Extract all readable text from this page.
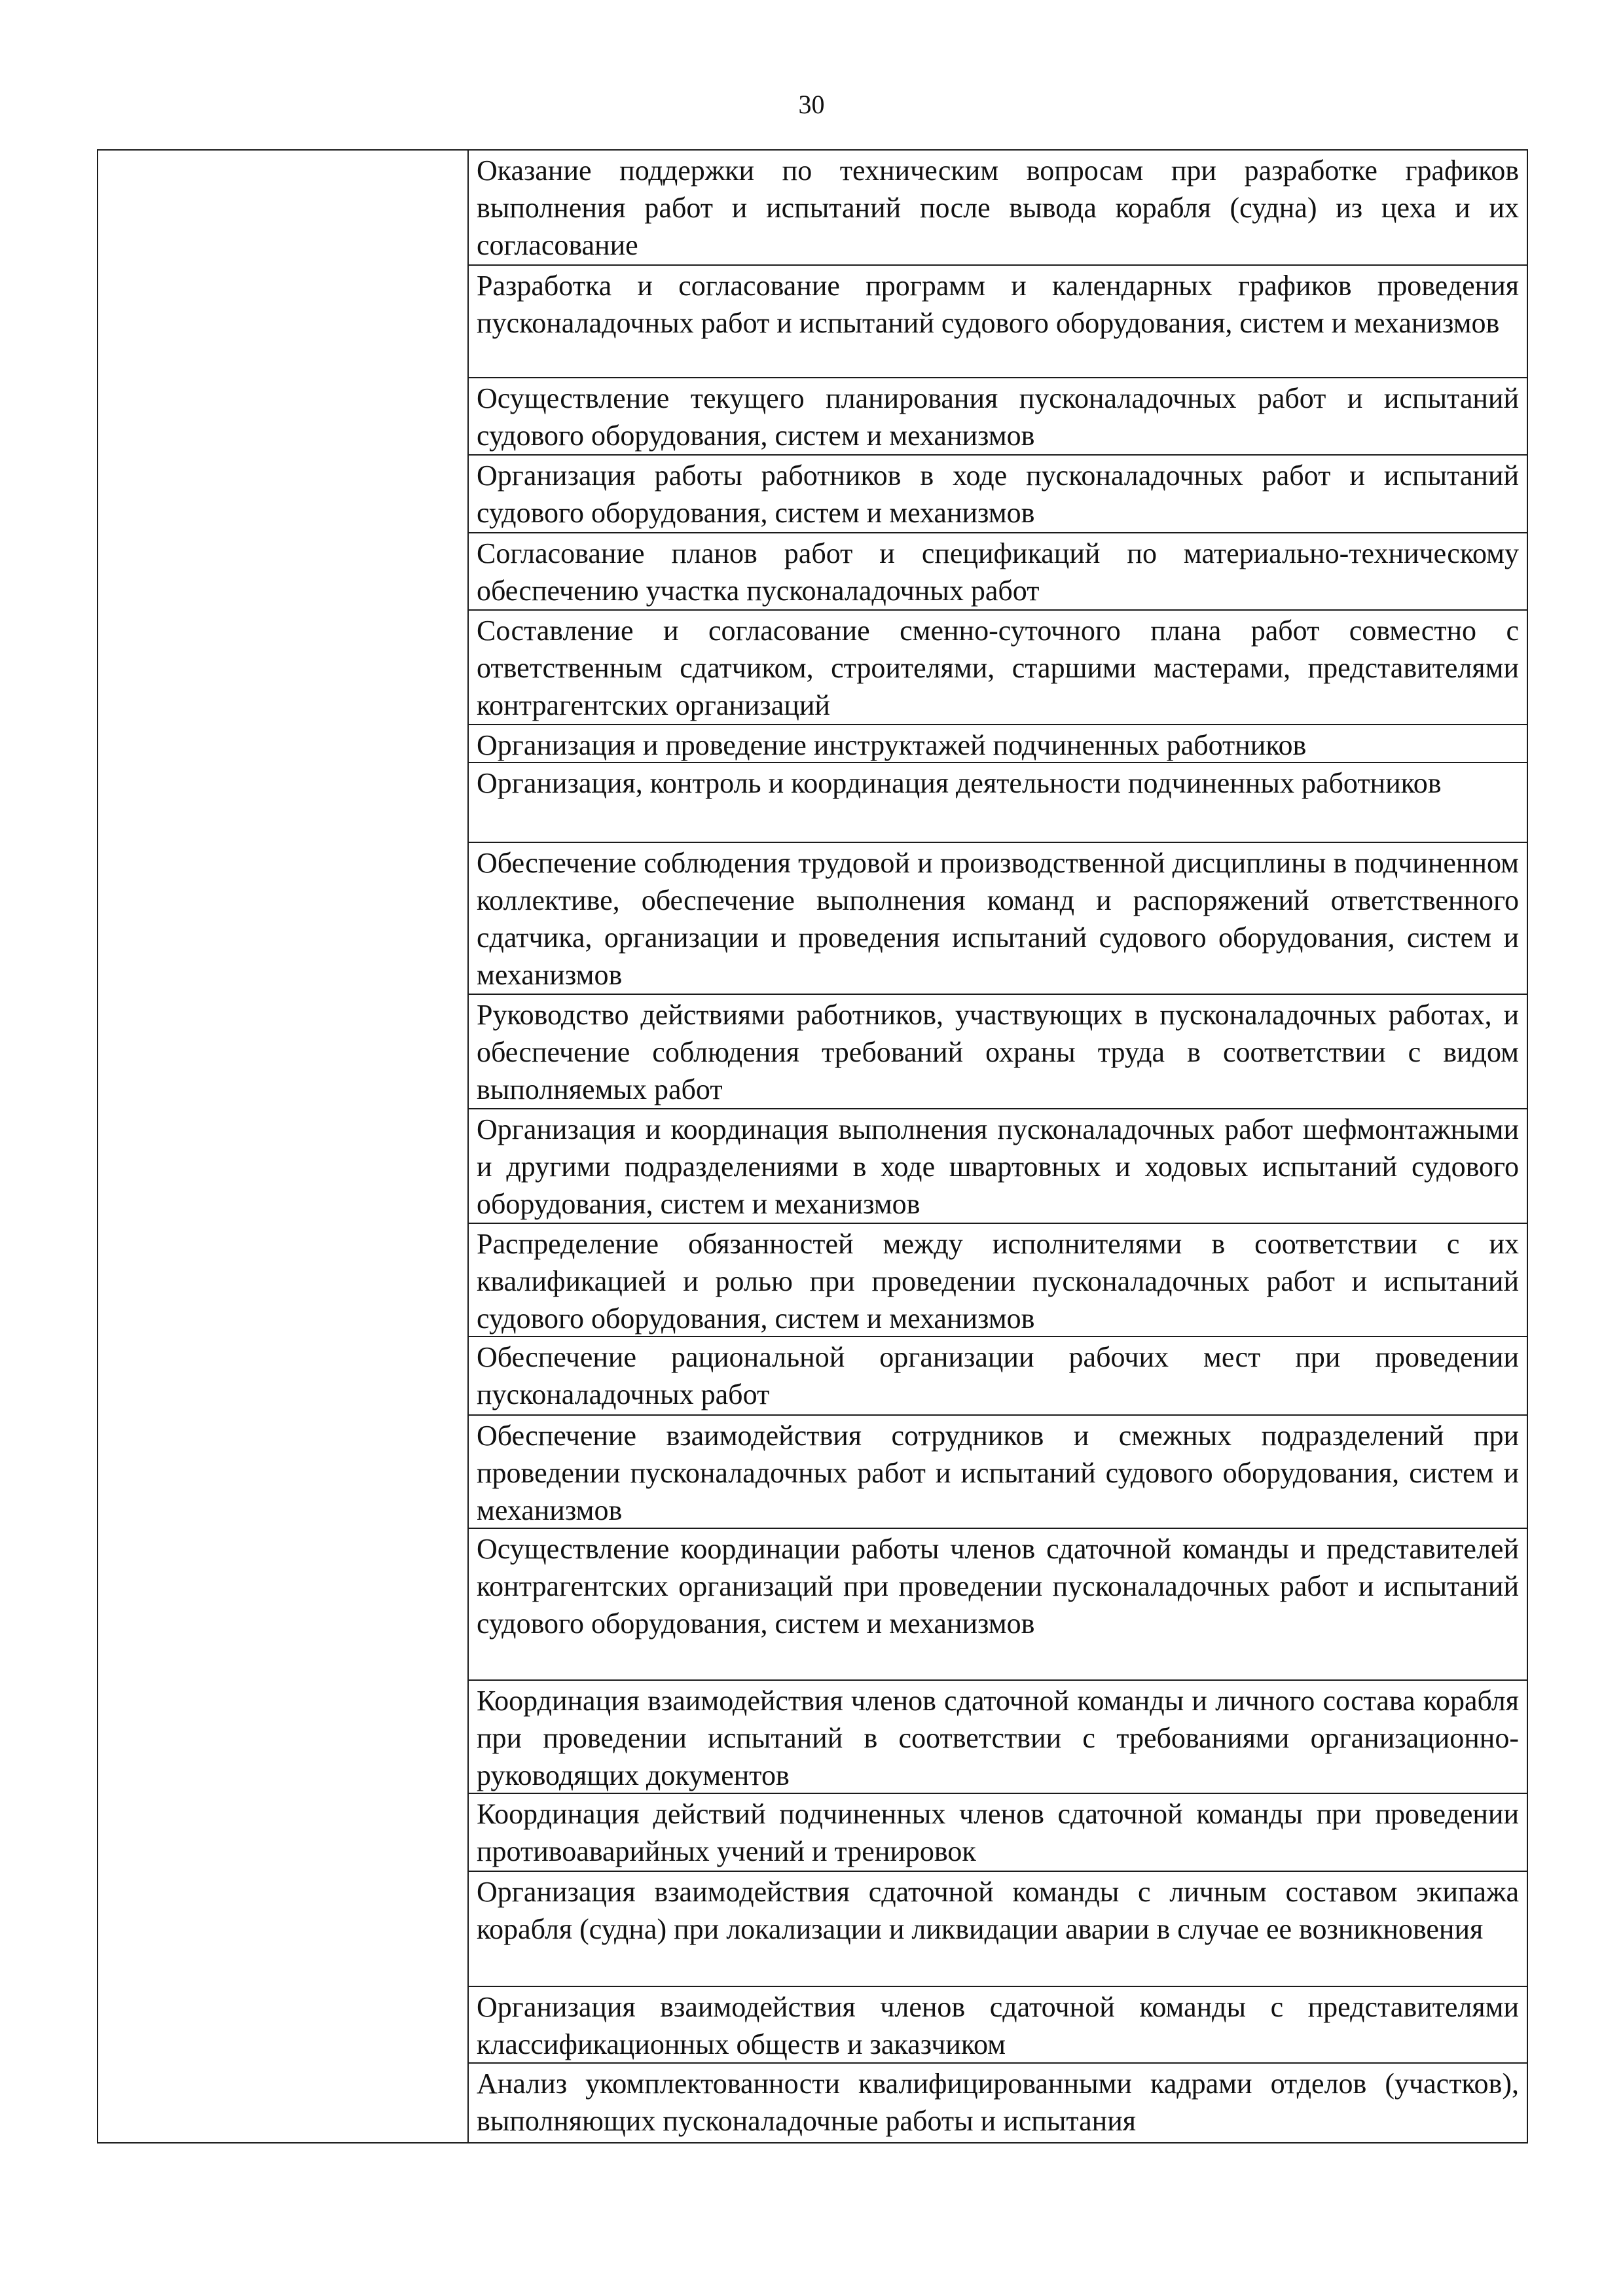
30

Оказание поддержки по техническим вопросам при разработке графиков выполнения работ и испытаний после вывода корабля (судна) из цеха и их согласование
Разработка и согласование программ и календарных графиков проведения пусконаладочных работ и испытаний судового оборудования, систем и механизмов
Осуществление текущего планирования пусконаладочных работ и испытаний судового оборудования, систем и механизмов
Организация работы работников в ходе пусконаладочных работ и испытаний судового оборудования, систем и механизмов
Согласование планов работ и спецификаций по материально-техническому обеспечению участка пусконаладочных работ
Составление и согласование сменно-суточного плана работ совместно с ответственным сдатчиком, строителями, старшими мастерами, представителями контрагентских организаций
Организация и проведение инструктажей подчиненных работников
Организация, контроль и координация деятельности подчиненных работников
Обеспечение соблюдения трудовой и производственной дисциплины в подчиненном коллективе, обеспечение выполнения команд и распоряжений ответственного сдатчика, организации и проведения испытаний судового оборудования, систем и механизмов
Руководство действиями работников, участвующих в пусконаладочных работах, и обеспечение соблюдения требований охраны труда в соответствии с видом выполняемых работ
Организация и координация выполнения пусконаладочных работ шефмонтажными и другими подразделениями в ходе швартовных и ходовых испытаний судового оборудования, систем и механизмов
Распределение обязанностей между исполнителями в соответствии с их квалификацией и ролью при проведении пусконаладочных работ и испытаний судового оборудования, систем и механизмов
Обеспечение рациональной организации рабочих мест при проведении пусконаладочных работ
Обеспечение взаимодействия сотрудников и смежных подразделений при проведении пусконаладочных работ и испытаний судового оборудования, систем и механизмов
Осуществление координации работы членов сдаточной команды и представителей контрагентских организаций при проведении пусконаладочных работ и испытаний судового оборудования, систем и механизмов
Координация взаимодействия членов сдаточной команды и личного состава корабля при проведении испытаний в соответствии с требованиями организационно-руководящих документов
Координация действий подчиненных членов сдаточной команды при проведении противоаварийных учений и тренировок
Организация взаимодействия сдаточной команды с личным составом экипажа корабля (судна) при локализации и ликвидации аварии в случае ее возникновения
Организация взаимодействия членов сдаточной команды с представителями классификационных обществ и заказчиком
Анализ укомплектованности квалифицированными кадрами отделов (участков), выполняющих пусконаладочные работы и испытания
